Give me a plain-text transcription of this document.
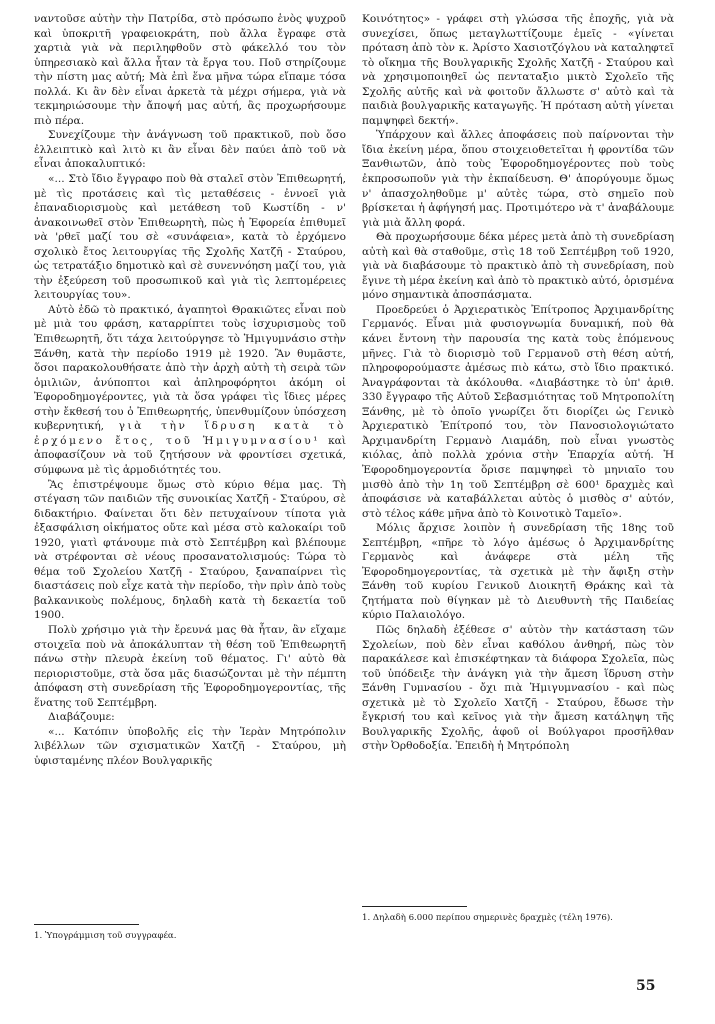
ναντοῦσε αὐτὴν τὴν Πατρίδα, στὸ πρόσωπο ἑνὸς ψυχροῦ καὶ ὑποκριτῆ γραφειοκράτη, ποὺ ἄλλα ἔγραφε στὰ χαρτιὰ γιὰ νὰ περιληφθοῦν στὸ φάκελλό του τὸν ὑπηρεσιακὸ καὶ ἄλλα ἦταν τὰ ἔργα του. Ποῦ στηρίζουμε τὴν πίστη μας αὐτή; Μὰ ἐπὶ ἕνα μῆνα τώρα εἴπαμε τόσα πολλά. Κι ἂν δὲν εἶναι ἀρκετὰ τὰ μέχρι σήμερα, γιὰ νὰ τεκμηριώσουμε τὴν ἄποψή μας αὐτή, ἂς προχωρήσουμε πιὸ πέρα.

Συνεχίζουμε τὴν ἀνάγνωση τοῦ πρακτικοῦ, ποὺ ὅσο ἐλλειπτικὸ καὶ λιτὸ κι ἂν εἶναι δὲν παύει ἀπὸ τοῦ νὰ εἶναι ἀποκαλυπτικό:

«... Στὸ ἴδιο ἔγγραφο ποὺ θὰ σταλεῖ στὸν Ἐπιθεωρητή, μὲ τὶς προτάσεις καὶ τὶς μεταθέσεις - ἐννοεῖ γιὰ ἐπαναδιορισμοὺς καὶ μετάθεση τοῦ Κωστίδη - ν' ἀνακοινωθεῖ στὸν Ἐπιθεωρητὴ, πὼς ἡ Ἐφορεία ἐπιθυμεῖ νὰ 'ρθεῖ μαζί του σὲ «συνάφεια», κατὰ τὸ ἐρχόμενο σχολικὸ ἔτος λειτουργίας τῆς Σχολῆς Χατζῆ - Σταύρου, ὡς τετρατάξιο δημοτικὸ καὶ σὲ συνεννόηση μαζί του, γιὰ τὴν ἐξεύρεση τοῦ προσωπικοῦ καὶ γιὰ τὶς λεπτομέρειες λειτουργίας του».

Αὐτὸ ἐδῶ τὸ πρακτικό, ἀγαπητοὶ Θρακιῶτες εἶναι ποὺ μὲ μιὰ του φράση, καταρρίπτει τοὺς ἰσχυρισμοὺς τοῦ Ἐπιθεωρητῆ, ὅτι τάχα λειτούργησε τὸ Ἡμιγυμνάσιο στὴν Ξάνθη, κατὰ τὴν περίοδο 1919 μὲ 1920. Ἂν θυμᾶστε, ὅσοι παρακολουθήσατε ἀπὸ τὴν ἀρχὴ αὐτὴ τὴ σειρὰ τῶν ὁμιλιῶν, ἀνύποπτοι καὶ ἀπληροφόρητοι ἀκόμη οἱ Ἐφοροδημογέροντες, γιὰ τὰ ὅσα γράφει τὶς ἴδιες μέρες στὴν ἔκθεσή του ὁ Ἐπιθεωρητής, ὑπενθυμίζουν ὑπόσχεση κυβερνητική, γιὰ τὴν ἵδρυση κατὰ τὸ ἐρχόμενο ἔτος, τοῦ Ἡμιγυμνασίου¹ καὶ ἀποφασίζουν νὰ τοῦ ζητήσουν νὰ φροντίσει σχετικά, σύμφωνα μὲ τὶς ἁρμοδιότητές του.

Ἂς ἐπιστρέψουμε ὅμως στὸ κύριο θέμα μας. Τὴ στέγαση τῶν παιδιῶν τῆς συνοικίας Χατζῆ - Σταύρου, σὲ διδακτήριο. Φαίνεται ὅτι δὲν πετυχαίνουν τίποτα γιὰ ἐξασφάλιση οἰκήματος οὔτε καὶ μέσα στὸ καλοκαίρι τοῦ 1920, γιατὶ φτάνουμε πιὰ στὸ Σεπτέμβρη καὶ βλέπουμε νὰ στρέφονται σὲ νέους προσανατολισμούς: Τώρα τὸ θέμα τοῦ Σχολείου Χατζῆ - Σταύρου, ξαναπαίρνει τὶς διαστάσεις ποὺ εἶχε κατὰ τὴν περίοδο, τὴν πρὶν ἀπὸ τοὺς βαλκανικοὺς πολέμους, δηλαδὴ κατὰ τὴ δεκαετία τοῦ 1900.

Πολὺ χρήσιμο γιὰ τὴν ἔρευνά μας θὰ ἦταν, ἂν εἴχαμε στοιχεῖα ποὺ νὰ ἀποκάλυπταν τὴ θέση τοῦ Ἐπιθεωρητῆ πάνω στὴν πλευρὰ ἐκείνη τοῦ θέματος. Γι' αὐτὸ θὰ περιοριστοῦμε, στὰ ὅσα μᾶς διασώζονται μὲ τὴν πέμπτη ἀπόφαση στὴ συνεδρίαση τῆς Ἐφοροδημογεροντίας, τῆς ἕνατης τοῦ Σεπτέμβρη.

Διαβάζουμε:

«... Κατόπιν ὑποβολῆς εἰς τὴν Ἱερὰν Μητρόπολιν λιβέλλων τῶν σχισματικῶν Χατζῆ - Σταύρου, μὴ ὑφισταμένης πλέον Βουλγαρικῆς

Κοινότητος» - γράφει στὴ γλώσσα τῆς ἐποχῆς, γιὰ νὰ συνεχίσει, ὅπως μεταγλωττίζουμε ἐμεῖς - «γίνεται πρόταση ἀπὸ τὸν κ. Ἀρίστο Χασιοτζόγλου νὰ καταληφτεῖ τὸ οἴκημα τῆς Βουλγαρικῆς Σχολῆς Χατζῆ - Σταύρου καὶ νὰ χρησιμοποιηθεῖ ὡς πενταταξιο μικτὸ Σχολεῖο τῆς Σχολῆς αὐτῆς καὶ νὰ φοιτοῦν ἄλλωστε σ' αὐτὸ καὶ τὰ παιδιὰ βουλγαρικῆς καταγωγῆς. Ἡ πρόταση αὐτὴ γίνεται παμψηφεὶ δεκτή».

Ὑπάρχουν καὶ ἄλλες ἀποφάσεις ποὺ παίρνονται τὴν ἴδια ἐκείνη μέρα, ὅπου στοιχειοθετεῖται ἡ φροντίδα τῶν Ξανθιωτῶν, ἀπὸ τοὺς Ἐφοροδημογέροντες ποὺ τοὺς ἐκπροσωποῦν γιὰ τὴν ἐκπαίδευση. Θ' ἀπορύγουμε ὅμως ν' ἀπασχοληθοῦμε μ' αὐτὲς τώρα, στὸ σημεῖο ποὺ βρίσκεται ἡ ἀφήγησή μας. Προτιμότερο νὰ τ' ἀναβάλουμε γιὰ μιὰ ἄλλη φορά.

Θὰ προχωρήσουμε δέκα μέρες μετὰ ἀπὸ τὴ συνεδρίαση αὐτὴ καὶ θὰ σταθοῦμε, στὶς 18 τοῦ Σεπτέμβρη τοῦ 1920, γιὰ νὰ διαβάσουμε τὸ πρακτικὸ ἀπὸ τὴ συνεδρίαση, ποὺ ἔγινε τὴ μέρα ἐκείνη καὶ ἀπὸ τὸ πρακτικὸ αὐτό, ὁρισμένα μόνο σημαντικὰ ἀποσπάσματα.

Προεδρεύει ὁ Ἀρχιερατικὸς Ἐπίτροπος Ἀρχιμανδρίτης Γερμανός. Εἶναι μιὰ φυσιογνωμία δυναμική, ποὺ θὰ κάνει ἔντονη τὴν παρουσία της κατὰ τοὺς ἑπόμενους μῆνες. Γιὰ τὸ διορισμὸ τοῦ Γερμανοῦ στὴ θέση αὐτή, πληροφορούμαστε ἀμέσως πιὸ κάτω, στὸ ἴδιο πρακτικό. Ἀναγράφονται τὰ ἀκόλουθα. «Διαβάστηκε τὸ ὑπ' ἀριθ. 330 ἔγγραφο τῆς Αὐτοῦ Σεβασμιότητας τοῦ Μητροπολίτη Ξάνθης, μὲ τὸ ὁποῖο γνωρίζει ὅτι διορίζει ὡς Γενικὸ Ἀρχιερατικὸ Ἐπίτροπό του, τὸν Πανοσιολογιώτατο Ἀρχιμανδρίτη Γερμανὸ Λιαμάδη, ποὺ εἶναι γνωστὸς κιόλας, ἀπὸ πολλὰ χρόνια στὴν Ἐπαρχία αὐτή. Ἡ Ἐφοροδημογεροντία ὅρισε παμψηφεὶ τὸ μηνιαῖο του μισθὸ ἀπὸ τὴν 1η τοῦ Σεπτέμβρη σὲ 600¹ δραχμὲς καὶ ἀποφάσισε νὰ καταβάλλεται αὐτὸς ὁ μισθὸς σ' αὐτόν, στὸ τέλος κάθε μῆνα ἀπὸ τὸ Κοινοτικὸ Ταμεῖο».

Μόλις ἄρχισε λοιπὸν ἡ συνεδρίαση τῆς 18ης τοῦ Σεπτέμβρη, «πῆρε τὸ λόγο ἀμέσως ὁ Ἀρχιμανδρίτης Γερμανὸς καὶ ἀνάφερε στὰ μέλη τῆς Ἐφοροδημογεροντίας, τὰ σχετικὰ μὲ τὴν ἄφιξη στὴν Ξάνθη τοῦ κυρίου Γενικοῦ Διοικητῆ Θράκης καὶ τὰ ζητήματα ποὺ θίγηκαν μὲ τὸ Διευθυντὴ τῆς Παιδείας κύριο Παλαιολόγο.

Πῶς δηλαδὴ ἐξέθεσε σ' αὐτὸν τὴν κατάσταση τῶν Σχολείων, ποὺ δὲν εἶναι καθόλου ἀνθηρή, πὼς τὸν παρακάλεσε καὶ ἐπισκέφτηκαν τὰ διάφορα Σχολεῖα, πὼς τοῦ ὑπόδειξε τὴν ἀνάγκη γιὰ τὴν ἄμεση ἵδρυση στὴν Ξάνθη Γυμνασίου - ὄχι πιὰ Ἡμιγυμνασίου - καὶ πὼς σχετικὰ μὲ τὸ Σχολεῖο Χατζῆ - Σταύρου, ἔδωσε τὴν ἔγκρισή του καὶ κεῖνος γιὰ τὴν ἄμεση κατάληψη τῆς Βουλγαρικῆς Σχολῆς, ἀφοῦ οἱ Βούλγαροι προσῆλθαν στὴν Ὀρθοδοξία. Ἐπειδὴ ἡ Μητρόπολη

1. Ὑπογράμμιση τοῦ συγγραφέα.
1. Δηλαδὴ 6.000 περίπου σημερινὲς δραχμὲς (τέλη 1976).
55
